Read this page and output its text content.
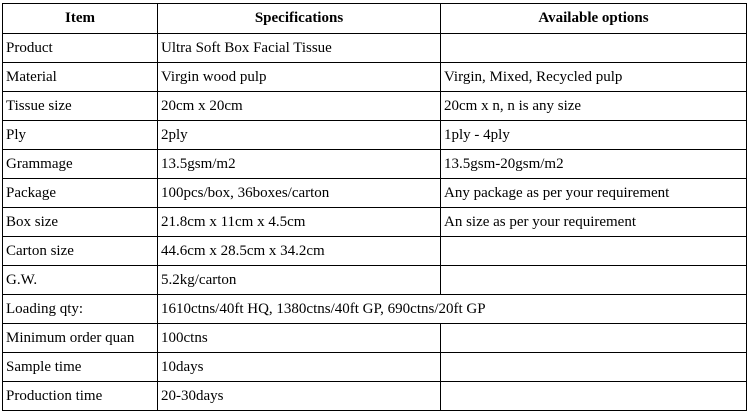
Item	Specifications	Available options
Product	Ultra Soft Box Facial Tissue	
Material	Virgin wood pulp	Virgin, Mixed, Recycled pulp
Tissue size	20cm x 20cm	20cm x n, n is any size
Ply	2ply	1ply - 4ply
Grammage	13.5gsm/m2	13.5gsm-20gsm/m2
Package	100pcs/box, 36boxes/carton	Any package as per your requirement
Box size	21.8cm x 11cm x 4.5cm	An size as per your requirement
Carton size	44.6cm x 28.5cm x 34.2cm	
G.W.	5.2kg/carton	
Loading qty:	1610ctns/40ft HQ, 1380ctns/40ft GP, 690ctns/20ft GP	
Minimum order quan	100ctns	
Sample time	10days	
Production time	20-30days	
